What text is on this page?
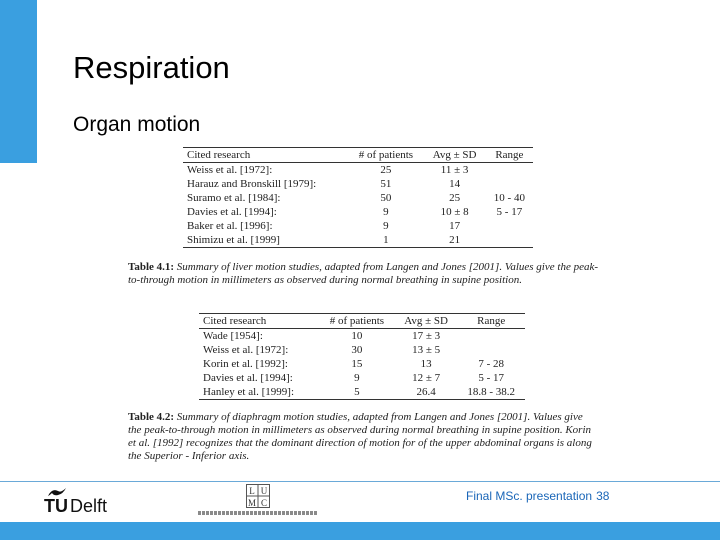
Respiration
Organ motion
Cited research	# of patients	Avg ± SD	Range
Weiss et al. [1972]:	25	11 ± 3	
Harauz and Bronskill [1979]:	51	14	
Suramo et al. [1984]:	50	25	10 - 40
Davies et al. [1994]:	9	10 ± 8	5 - 17
Baker et al. [1996]:	9	17	
Shimizu et al. [1999]	1	21	
Table 4.1: Summary of liver motion studies, adapted from Langen and Jones [2001]. Values give the peak-to-through motion in millimeters as observed during normal breathing in supine position.
Cited research	# of patients	Avg ± SD	Range
Wade [1954]:	10	17 ± 3	
Weiss et al. [1972]:	30	13 ± 5	
Korin et al. [1992]:	15	13	7 - 28
Davies et al. [1994]:	9	12 ± 7	5 - 17
Hanley et al. [1999]:	5	26.4	18.8 - 38.2
Table 4.2: Summary of diaphragm motion studies, adapted from Langen and Jones [2001]. Values give the peak-to-through motion in millimeters as observed during normal breathing in supine position. Korin et al. [1992] recognizes that the dominant direction of motion for of the upper abdominal organs is along the Superior - Inferior axis.
TU Delft
L U
M C	Final MSc. presentation 38
